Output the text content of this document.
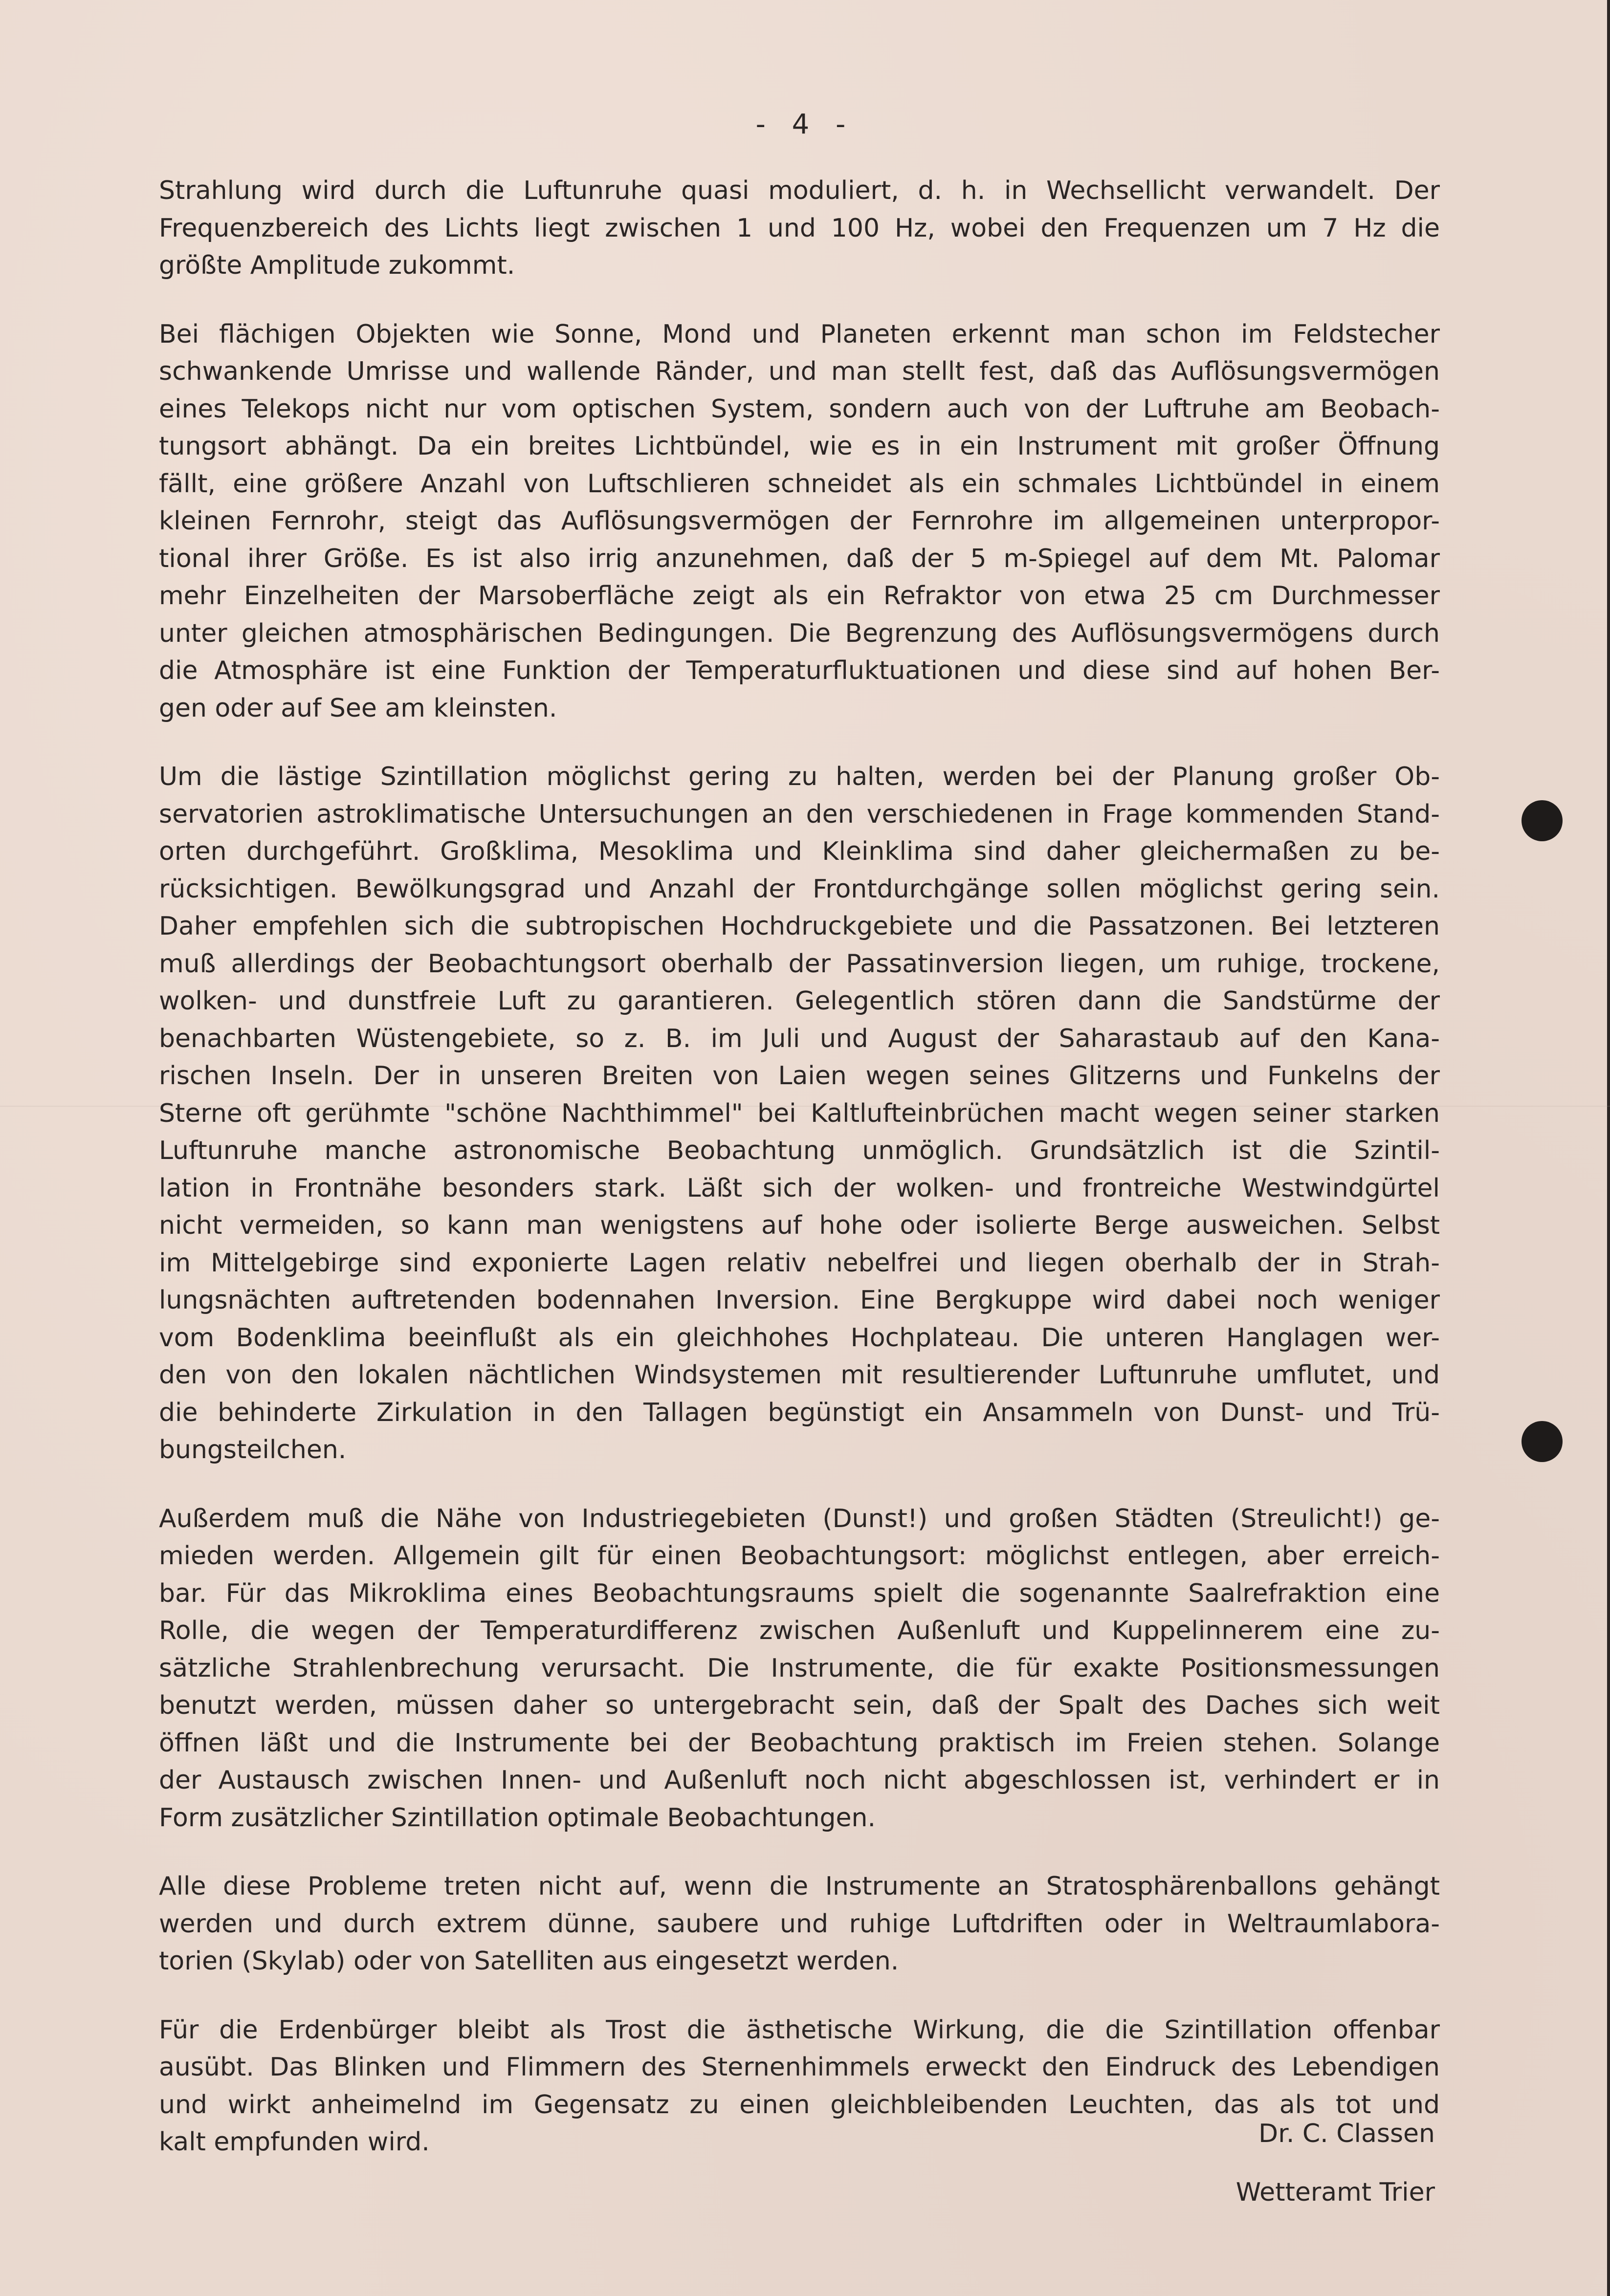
- 4 -
Strahlung wird durch die Luftunruhe quasi moduliert, d. h. in Wechsellicht verwandelt. Der
Frequenzbereich des Lichts liegt zwischen 1 und 100 Hz, wobei den Frequenzen um 7 Hz die
größte Amplitude zukommt.
Bei flächigen Objekten wie Sonne, Mond und Planeten erkennt man schon im Feldstecher
schwankende Umrisse und wallende Ränder, und man stellt fest, daß das Auflösungsvermögen
eines Telekops nicht nur vom optischen System, sondern auch von der Luftruhe am Beobach-
tungsort abhängt. Da ein breites Lichtbündel, wie es in ein Instrument mit großer Öffnung
fällt, eine größere Anzahl von Luftschlieren schneidet als ein schmales Lichtbündel in einem
kleinen Fernrohr, steigt das Auflösungsvermögen der Fernrohre im allgemeinen unterpropor-
tional ihrer Größe. Es ist also irrig anzunehmen, daß der 5 m-Spiegel auf dem Mt. Palomar
mehr Einzelheiten der Marsoberfläche zeigt als ein Refraktor von etwa 25 cm Durchmesser
unter gleichen atmosphärischen Bedingungen. Die Begrenzung des Auflösungsvermögens durch
die Atmosphäre ist eine Funktion der Temperaturfluktuationen und diese sind auf hohen Ber-
gen oder auf See am kleinsten.
Um die lästige Szintillation möglichst gering zu halten, werden bei der Planung großer Ob-
servatorien astroklimatische Untersuchungen an den verschiedenen in Frage kommenden Stand-
orten durchgeführt. Großklima, Mesoklima und Kleinklima sind daher gleichermaßen zu be-
rücksichtigen. Bewölkungsgrad und Anzahl der Frontdurchgänge sollen möglichst gering sein.
Daher empfehlen sich die subtropischen Hochdruckgebiete und die Passatzonen. Bei letzteren
muß allerdings der Beobachtungsort oberhalb der Passatinversion liegen, um ruhige, trockene,
wolken- und dunstfreie Luft zu garantieren. Gelegentlich stören dann die Sandstürme der
benachbarten Wüstengebiete, so z. B. im Juli und August der Saharastaub auf den Kana-
rischen Inseln. Der in unseren Breiten von Laien wegen seines Glitzerns und Funkelns der
Sterne oft gerühmte "schöne Nachthimmel" bei Kaltlufteinbrüchen macht wegen seiner starken
Luftunruhe manche astronomische Beobachtung unmöglich. Grundsätzlich ist die Szintil-
lation in Frontnähe besonders stark. Läßt sich der wolken- und frontreiche Westwindgürtel
nicht vermeiden, so kann man wenigstens auf hohe oder isolierte Berge ausweichen. Selbst
im Mittelgebirge sind exponierte Lagen relativ nebelfrei und liegen oberhalb der in Strah-
lungsnächten auftretenden bodennahen Inversion. Eine Bergkuppe wird dabei noch weniger
vom Bodenklima beeinflußt als ein gleichhohes Hochplateau. Die unteren Hanglagen wer-
den von den lokalen nächtlichen Windsystemen mit resultierender Luftunruhe umflutet, und
die behinderte Zirkulation in den Tallagen begünstigt ein Ansammeln von Dunst- und Trü-
bungsteilchen.
Außerdem muß die Nähe von Industriegebieten (Dunst!) und großen Städten (Streulicht!) ge-
mieden werden. Allgemein gilt für einen Beobachtungsort: möglichst entlegen, aber erreich-
bar. Für das Mikroklima eines Beobachtungsraums spielt die sogenannte Saalrefraktion eine
Rolle, die wegen der Temperaturdifferenz zwischen Außenluft und Kuppelinnerem eine zu-
sätzliche Strahlenbrechung verursacht. Die Instrumente, die für exakte Positionsmessungen
benutzt werden, müssen daher so untergebracht sein, daß der Spalt des Daches sich weit
öffnen läßt und die Instrumente bei der Beobachtung praktisch im Freien stehen. Solange
der Austausch zwischen Innen- und Außenluft noch nicht abgeschlossen ist, verhindert er in
Form zusätzlicher Szintillation optimale Beobachtungen.
Alle diese Probleme treten nicht auf, wenn die Instrumente an Stratosphärenballons gehängt
werden und durch extrem dünne, saubere und ruhige Luftdriften oder in Weltraumlabora-
torien (Skylab) oder von Satelliten aus eingesetzt werden.
Für die Erdenbürger bleibt als Trost die ästhetische Wirkung, die die Szintillation offenbar
ausübt. Das Blinken und Flimmern des Sternenhimmels erweckt den Eindruck des Lebendigen
und wirkt anheimelnd im Gegensatz zu einen gleichbleibenden Leuchten, das als tot und
kalt empfunden wird.	Dr. C. Classen
Wetteramt Trier
